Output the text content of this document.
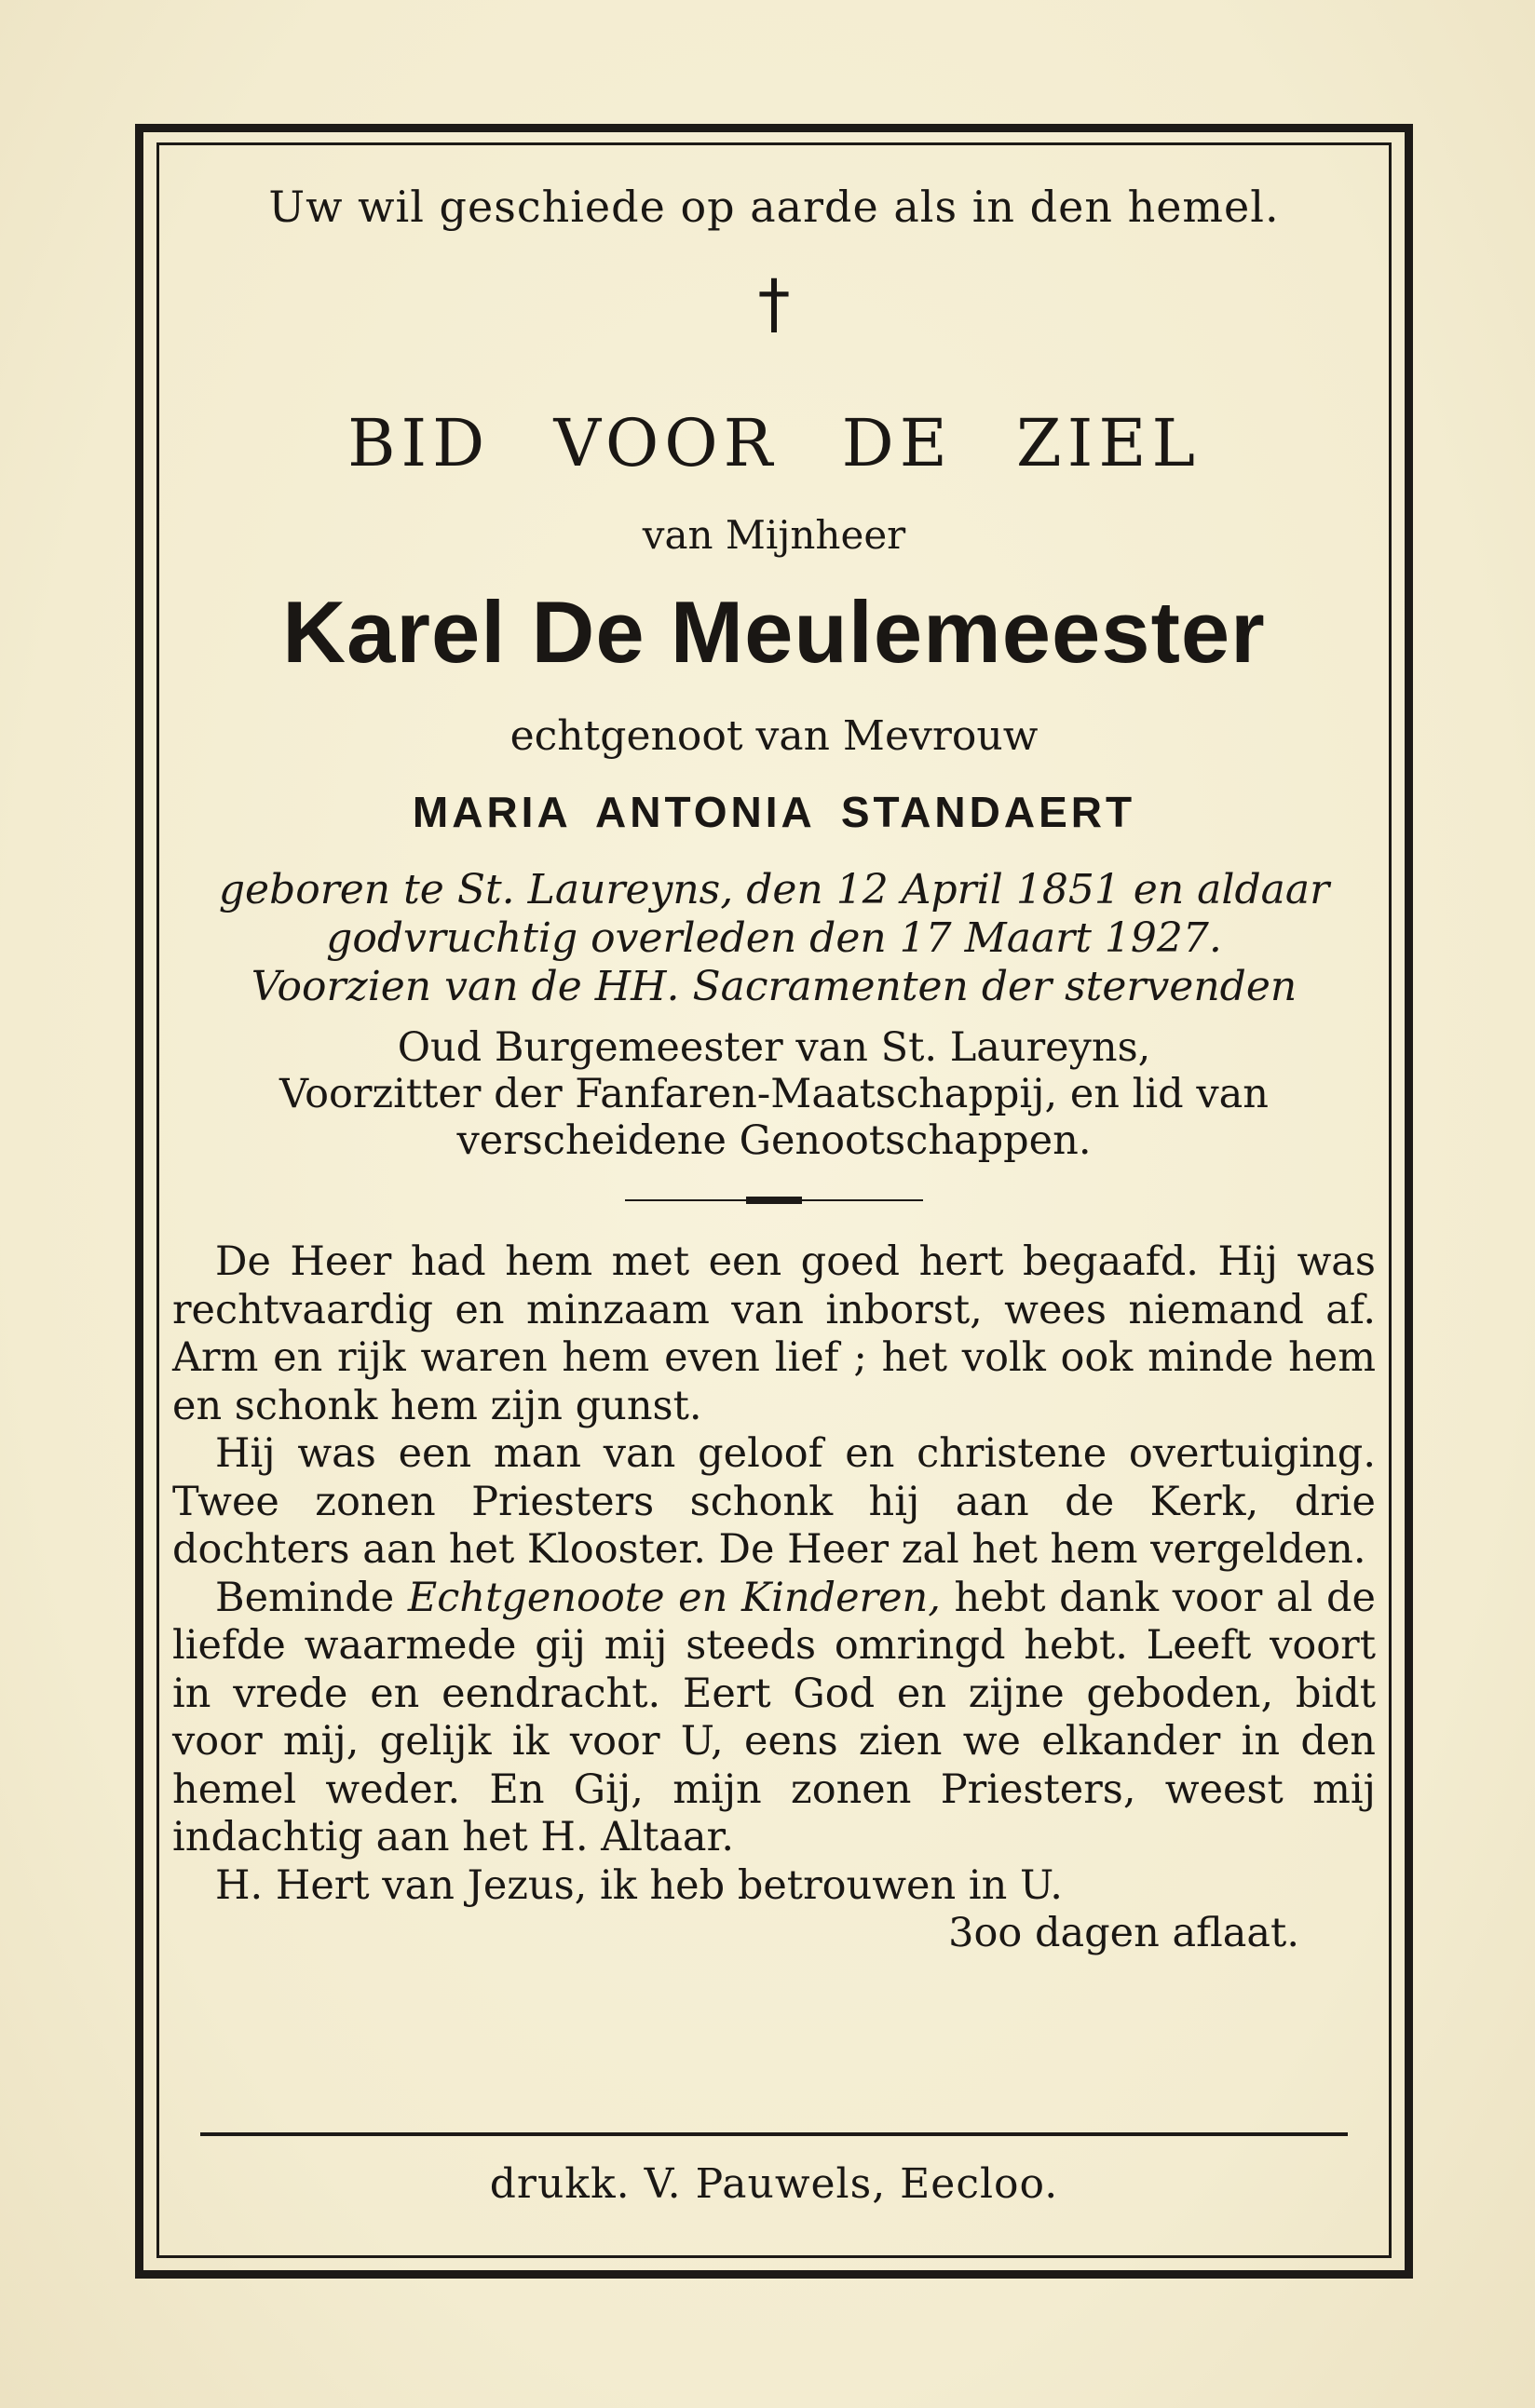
Uw wil geschiede op aarde als in den hemel.
†
BID VOOR DE ZIEL
van Mijnheer
Karel De Meulemeester
echtgenoot van Mevrouw
MARIA ANTONIA STANDAERT
geboren te St. Laureyns, den 12 April 1851 en aldaar
godvruchtig overleden den 17 Maart 1927.
Voorzien van de HH. Sacramenten der stervenden
Oud Burgemeester van St. Laureyns,
Voorzitter der Fanfaren-Maatschappij, en lid van
verscheidene Genootschappen.

De Heer had hem met een goed hert begaafd. Hij was rechtvaardig en minzaam van inborst, wees niemand af. Arm en rijk waren hem even lief ; het volk ook minde hem en schonk hem zijn gunst.

Hij was een man van geloof en christene overtuiging. Twee zonen Priesters schonk hij aan de Kerk, drie dochters aan het Klooster. De Heer zal het hem vergelden.

Beminde Echtgenoote en Kinderen, hebt dank voor al de liefde waarmede gij mij steeds omringd hebt. Leeft voort in vrede en eendracht. Eert God en zijne geboden, bidt voor mij, gelijk ik voor U, eens zien we elkander in den hemel weder. En Gij, mijn zonen Priesters, weest mij indachtig aan het H. Altaar.

H. Hert van Jezus, ik heb betrouwen in U.

3oo dagen aflaat.

drukk. V. Pauwels, Eecloo.
